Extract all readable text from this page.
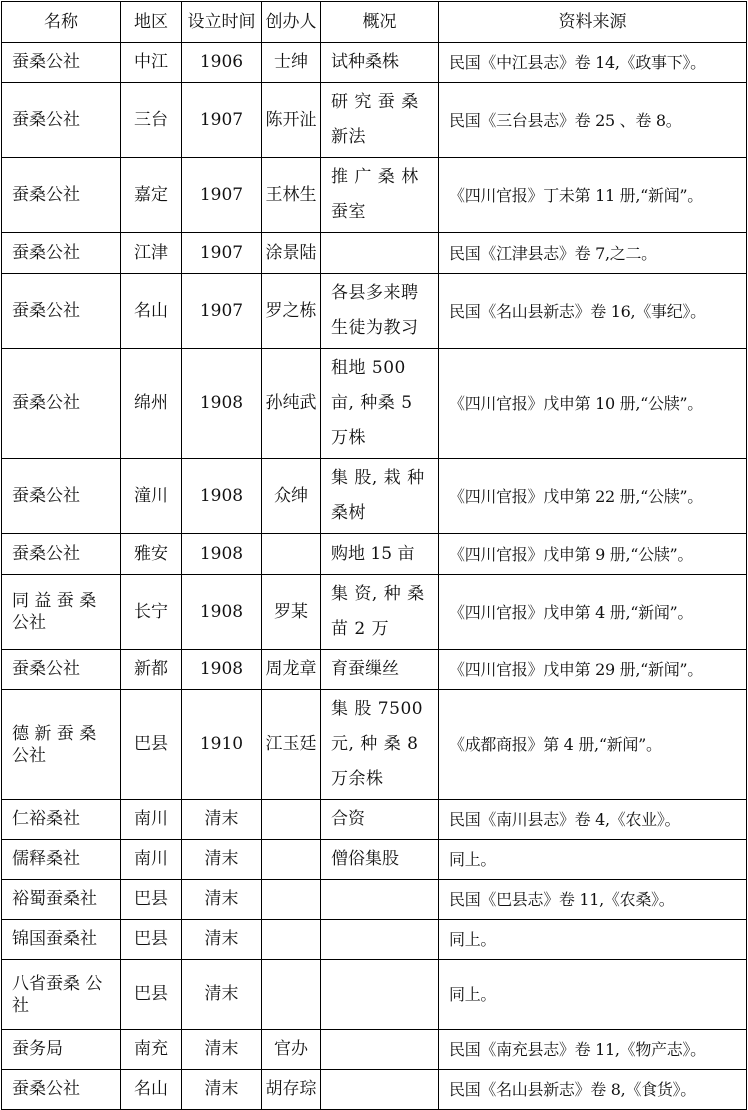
名称	地区	设立时间	创办人	概况	资料来源
蚕桑公社	中江	1906	士绅	试种桑株	民国《中江县志》卷 14,《政事下》。
蚕桑公社	三台	1907	陈开沚	研 究 蚕 桑 新法	民国《三台县志》卷 25 、卷 8。
蚕桑公社	嘉定	1907	王林生	推 广 桑 林 蚕室	《四川官报》丁未第 11 册,“新闻”。
蚕桑公社	江津	1907	涂景陆		民国《江津县志》卷 7,之二。
蚕桑公社	名山	1907	罗之栋	各县多来聘 生徒为教习	民国《名山县新志》卷 16,《事纪》。
蚕桑公社	绵州	1908	孙纯武	租地 500 亩, 种桑 5 万株	《四川官报》戊申第 10 册,“公牍”。
蚕桑公社	潼川	1908	众绅	集 股, 栽 种 桑树	《四川官报》戊申第 22 册,“公牍”。
蚕桑公社	雅安	1908		购地 15 亩	《四川官报》戊申第 9 册,“公牍”。
同 益 蚕 桑 公社	长宁	1908	罗某	集 资, 种 桑 苗 2 万	《四川官报》戊申第 4 册,“新闻”。
蚕桑公社	新都	1908	周龙章	育蚕缫丝	《四川官报》戊申第 29 册,“新闻”。
德 新 蚕 桑 公社	巴县	1910	江玉廷	集 股 7500 元, 种 桑 8 万余株	《成都商报》第 4 册,“新闻”。
仁裕桑社	南川	清末		合资	民国《南川县志》卷 4,《农业》。
儒释桑社	南川	清末		僧俗集股	同上。
裕蜀蚕桑社	巴县	清末			民国《巴县志》卷 11,《农桑》。
锦国蚕桑社	巴县	清末			同上。
八省蚕桑 公社	巴县	清末			同上。
蚕务局	南充	清末	官办		民国《南充县志》卷 11,《物产志》。
蚕桑公社	名山	清末	胡存琮		民国《名山县新志》卷 8,《食货》。
